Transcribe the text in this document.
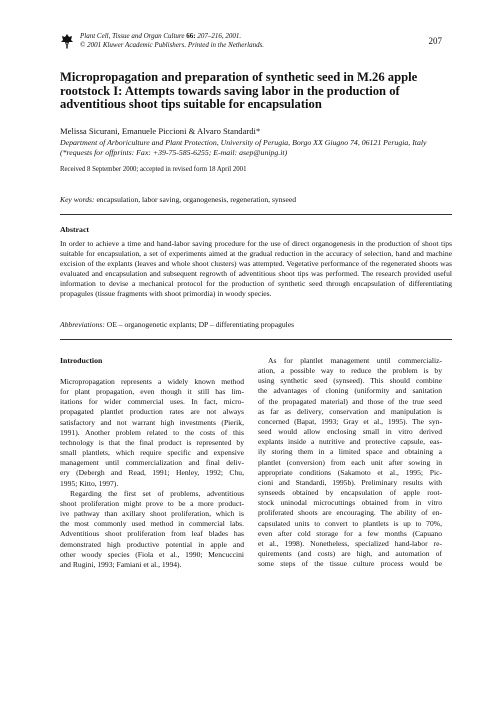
Plant Cell, Tissue and Organ Culture 66: 207–216, 2001.
© 2001 Kluwer Academic Publishers. Printed in the Netherlands.	207
Micropropagation and preparation of synthetic seed in M.26 apple rootstock I: Attempts towards saving labor in the production of adventitious shoot tips suitable for encapsulation
Melissa Sicurani, Emanuele Piccioni & Alvaro Standardi*
Department of Arboriculture and Plant Protection, University of Perugia, Borgo XX Giugno 74, 06121 Perugia, Italy (*requests for offprints: Fax: +39-75-585-6255; E-mail: asep@unipg.it)
Received 8 September 2000; accepted in revised form 18 April 2001
Key words: encapsulation, labor saving, organogenesis, regeneration, synseed
Abstract

In order to achieve a time and hand-labor saving procedure for the use of direct organogenesis in the production of shoot tips suitable for encapsulation, a set of experiments aimed at the gradual reduction in the accuracy of selection, hand and machine excision of the explants (leaves and whole shoot clusters) was attempted. Vegetative performance of the regenerated shoots was evaluated and encapsulation and subsequent regrowth of adventitious shoot tips was performed. The research provided useful information to devise a mechanical protocol for the production of synthetic seed through encapsulation of differentiating propagules (tissue fragments with shoot primordia) in woody species.

Abbreviations: OE – organogenetic explants; DP – differentiating propagules
Introduction
Micropropagation represents a widely known method
for plant propagation, even though it still has lim-
itations for wider commercial uses. In fact, micro-
propagated plantlet production rates are not always
satisfactory and not warrant high investments (Pierik,
1991). Another problem related to the costs of this
technology is that the final product is represented by
small plantlets, which require specific and expensive
management until commercialization and final deliv-
ery (Debergh and Read, 1991; Henley, 1992; Chu,
1995; Kitto, 1997).
Regarding the first set of problems, adventitious
shoot proliferation might prove to be a more product-
ive pathway than axillary shoot proliferation, which is
the most commonly used method in commercial labs.
Adventitious shoot proliferation from leaf blades has
demonstrated high productive potential in apple and
other woody species (Fiola et al., 1990; Mencuccini
and Rugini, 1993; Famiani et al., 1994).
As for plantlet management until commercializ-
ation, a possible way to reduce the problem is by
using synthetic seed (synseed). This should combine
the advantages of cloning (uniformity and sanitation
of the propagated material) and those of the true seed
as far as delivery, conservation and manipulation is
concerned (Bapat, 1993; Gray et al., 1995). The syn-
seed would allow enclosing small in vitro derived
explants inside a nutritive and protective capsule, eas-
ily storing them in a limited space and obtaining a
plantlet (conversion) from each unit after sowing in
appropriate conditions (Sakamoto et al., 1995; Pic-
cioni and Standardi, 1995b). Preliminary results with
synseeds obtained by encapsulation of apple root-
stock uninodal microcuttings obtained from in vitro
proliferated shoots are encouraging. The ability of en-
capsulated units to convert to plantlets is up to 70%,
even after cold storage for a few months (Capuano
et al., 1998). Nonetheless, specialized hand-labor re-
quirements (and costs) are high, and automation of
some steps of the tissue culture process would be
